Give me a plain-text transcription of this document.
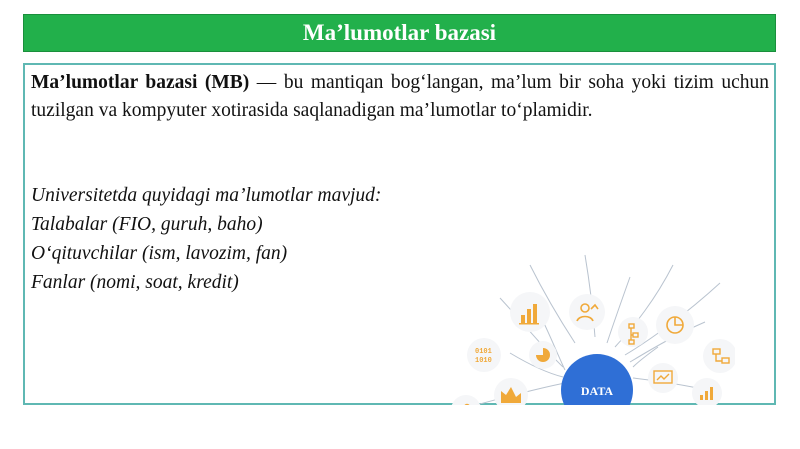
Ma’lumotlar bazasi

Ma’lumotlar bazasi (MB) — bu mantiqan bog‘langan, ma’lum bir soha yoki tizim uchun tuzilgan va kompyuter xotirasida saqlanadigan ma’lumotlar to‘plamidir.

Universitetda quyidagi ma’lumotlar mavjud:
Talabalar (FIO, guruh, baho)
O‘qituvchilar (ism, lavozim, fan)
Fanlar (nomi, soat, kredit)
DATA
0101
1010
